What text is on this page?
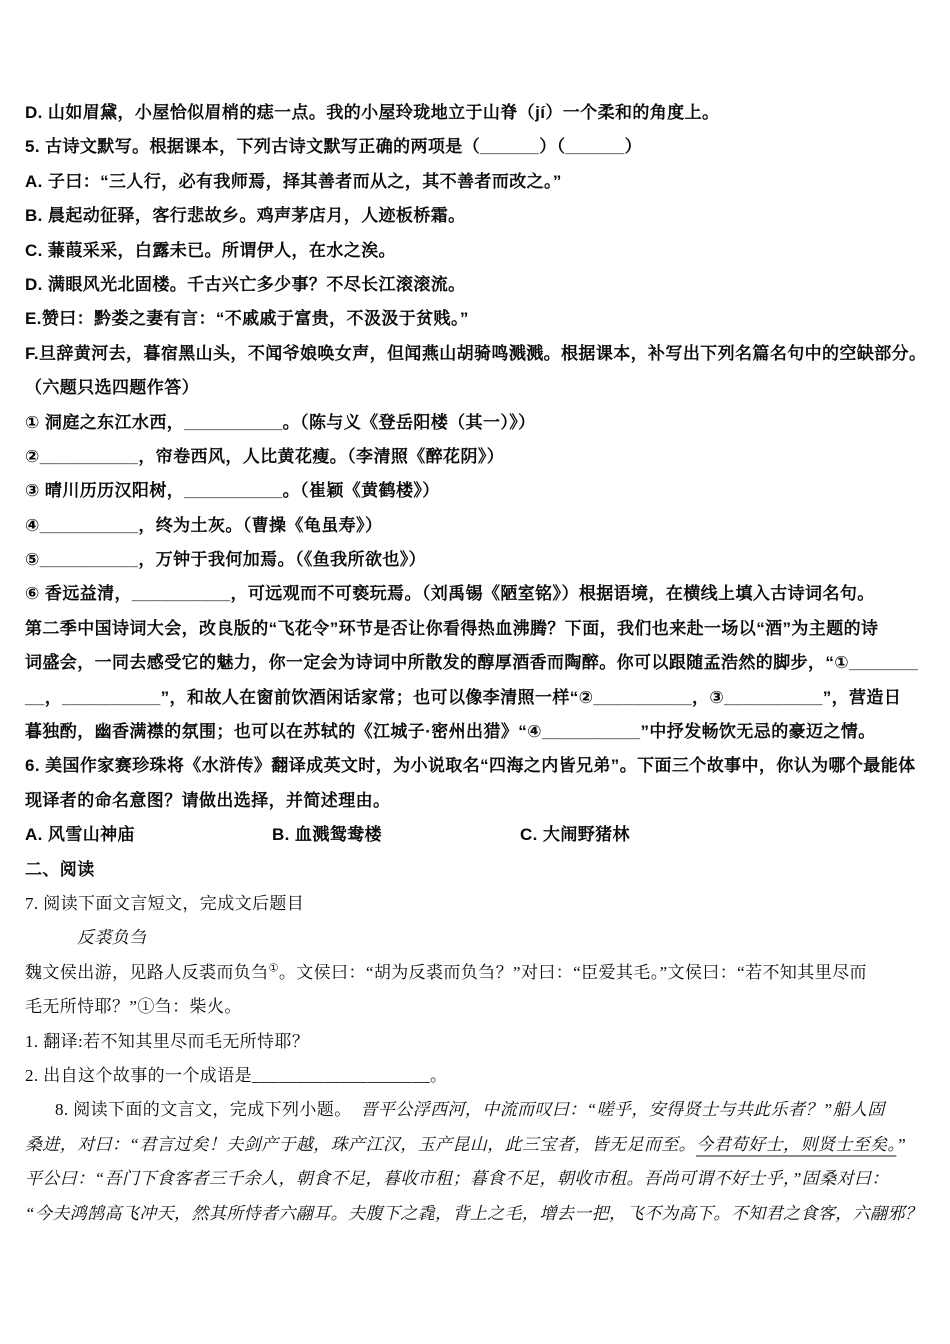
D. 山如眉黛，小屋恰似眉梢的痣一点。我的小屋玲珑地立于山脊（jí）一个柔和的角度上。
5. 古诗文默写。根据课本，下列古诗文默写正确的两项是（______）（______）
A. 子曰：“三人行，必有我师焉，择其善者而从之，其不善者而改之。”
B. 晨起动征驿，客行悲故乡。鸡声茅店月，人迹板桥霜。
C. 蒹葭采采，白露未已。所谓伊人，在水之涘。
D. 满眼风光北固楼。千古兴亡多少事？不尽长江滚滚流。
E.赞曰：黔娄之妻有言：“不戚戚于富贵，不汲汲于贫贱。”
F.旦辞黄河去，暮宿黑山头，不闻爷娘唤女声，但闻燕山胡骑鸣溅溅。根据课本，补写出下列名篇名句中的空缺部分。
（六题只选四题作答）
① 洞庭之东江水西，__________。（陈与义《登岳阳楼（其一）》）
②__________，帘卷西风，人比黄花瘦。（李清照《醉花阴》）
③ 晴川历历汉阳树，__________。（崔颖《黄鹤楼》）
④__________，终为土灰。（曹操《龟虽寿》）
⑤__________，万钟于我何加焉。（《鱼我所欲也》）
⑥ 香远益清，__________，可远观而不可亵玩焉。（刘禹锡《陋室铭》）根据语境，在横线上填入古诗词名句。
第二季中国诗词大会，改良版的“飞花令”环节是否让你看得热血沸腾？下面，我们也来赴一场以“酒”为主题的诗
词盛会，一同去感受它的魅力，你一定会为诗词中所散发的醇厚酒香而陶醉。你可以跟随孟浩然的脚步，“①_______
__，__________”，和故人在窗前饮酒闲话家常；也可以像李清照一样“②__________，③__________”，营造日
暮独酌，幽香满襟的氛围；也可以在苏轼的《江城子·密州出猎》“④__________”中抒发畅饮无忌的豪迈之情。
6. 美国作家赛珍珠将《水浒传》翻译成英文时，为小说取名“四海之内皆兄弟”。下面三个故事中，你认为哪个最能体
现译者的命名意图？请做出选择，并简述理由。
A. 风雪山神庙	B. 血溅鸳鸯楼	C. 大闹野猪林
二、阅读
7. 阅读下面文言短文，完成文后题目
反裘负刍
魏文侯出游，见路人反裘而负刍①。文侯曰：“胡为反裘而负刍？”对曰：“臣爱其毛。”文侯曰：“若不知其里尽而
毛无所恃耶？”①刍：柴火。
1. 翻译:若不知其里尽而毛无所恃耶？
2. 出自这个故事的一个成语是____________________。
8. 阅读下面的文言文，完成下列小题。　晋平公浮西河，中流而叹曰：“嗟乎，安得贤士与共此乐者？”船人固
桑进，对曰：“君言过矣！夫剑产于越，珠产江汉，玉产昆山，此三宝者，皆无足而至。今君苟好士，则贤士至矣。”
平公曰：“吾门下食客者三千余人，朝食不足，暮收市租；暮食不足，朝收市租。吾尚可谓不好士乎，”固桑对曰：
“今夫鸿鹄高飞冲天，然其所恃者六翮耳。夫腹下之毳，背上之毛，增去一把，飞不为高下。不知君之食客，六翮邪？
